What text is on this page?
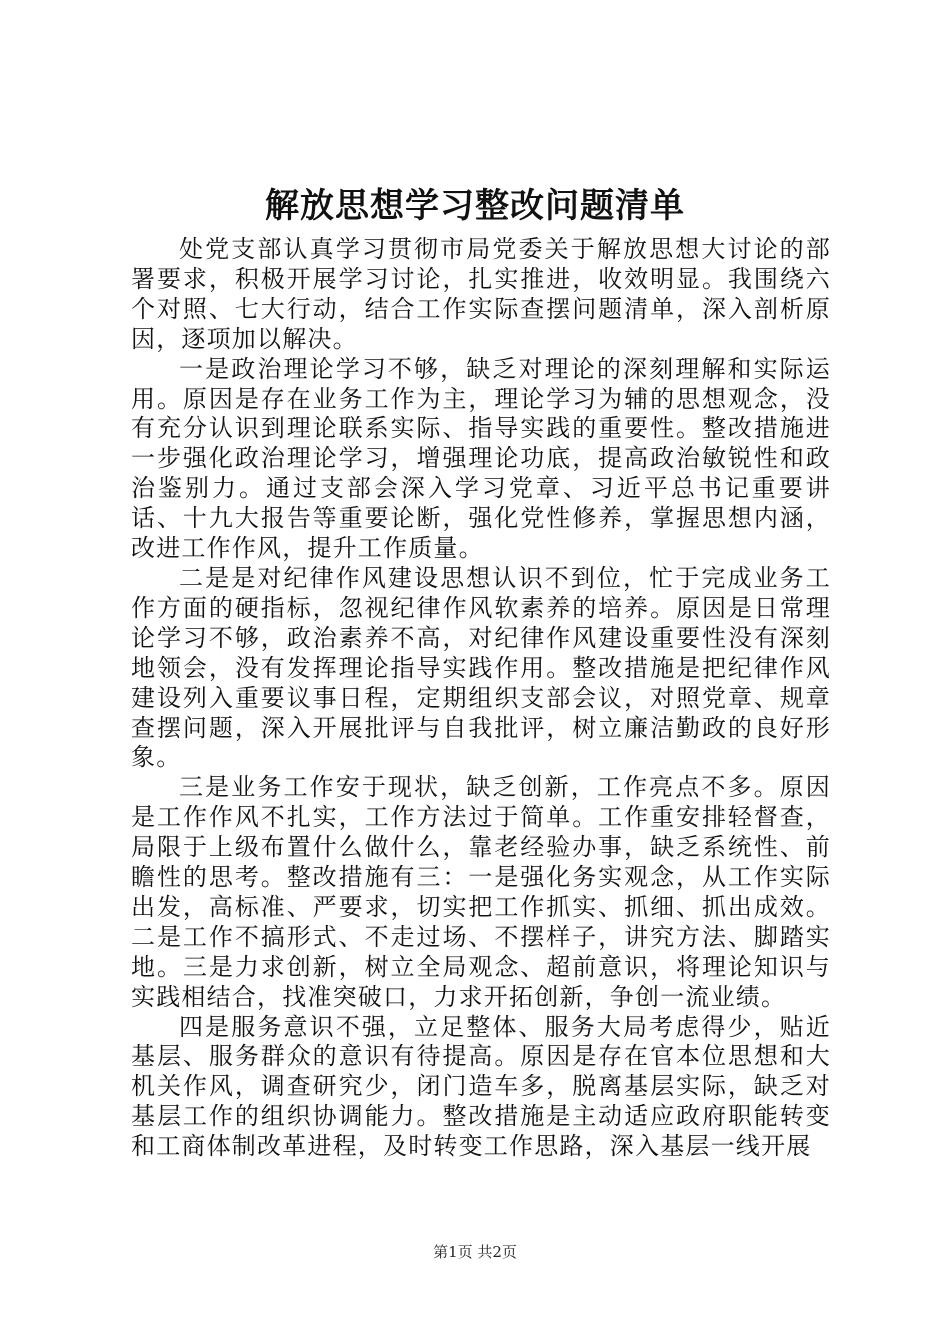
解放思想学习整改问题清单

处党支部认真学习贯彻市局党委关于解放思想大讨论的部署要求，积极开展学习讨论，扎实推进，收效明显。我围绕六个对照、七大行动，结合工作实际查摆问题清单，深入剖析原因，逐项加以解决。

一是政治理论学习不够，缺乏对理论的深刻理解和实际运用。原因是存在业务工作为主，理论学习为辅的思想观念，没有充分认识到理论联系实际、指导实践的重要性。整改措施进一步强化政治理论学习，增强理论功底，提高政治敏锐性和政治鉴别力。通过支部会深入学习党章、习近平总书记重要讲话、十九大报告等重要论断，强化党性修养，掌握思想内涵，改进工作作风，提升工作质量。

二是是对纪律作风建设思想认识不到位，忙于完成业务工作方面的硬指标，忽视纪律作风软素养的培养。原因是日常理论学习不够，政治素养不高，对纪律作风建设重要性没有深刻地领会，没有发挥理论指导实践作用。整改措施是把纪律作风建设列入重要议事日程，定期组织支部会议，对照党章、规章查摆问题，深入开展批评与自我批评，树立廉洁勤政的良好形象。

三是业务工作安于现状，缺乏创新，工作亮点不多。原因是工作作风不扎实，工作方法过于简单。工作重安排轻督查，局限于上级布置什么做什么，靠老经验办事，缺乏系统性、前瞻性的思考。整改措施有三：一是强化务实观念，从工作实际出发，高标准、严要求，切实把工作抓实、抓细、抓出成效。二是工作不搞形式、不走过场、不摆样子，讲究方法、脚踏实地。三是力求创新，树立全局观念、超前意识，将理论知识与实践相结合，找准突破口，力求开拓创新，争创一流业绩。

四是服务意识不强，立足整体、服务大局考虑得少，贴近基层、服务群众的意识有待提高。原因是存在官本位思想和大机关作风，调查研究少，闭门造车多，脱离基层实际，缺乏对基层工作的组织协调能力。整改措施是主动适应政府职能转变和工商体制改革进程，及时转变工作思路，深入基层一线开展

第1页 共2页
